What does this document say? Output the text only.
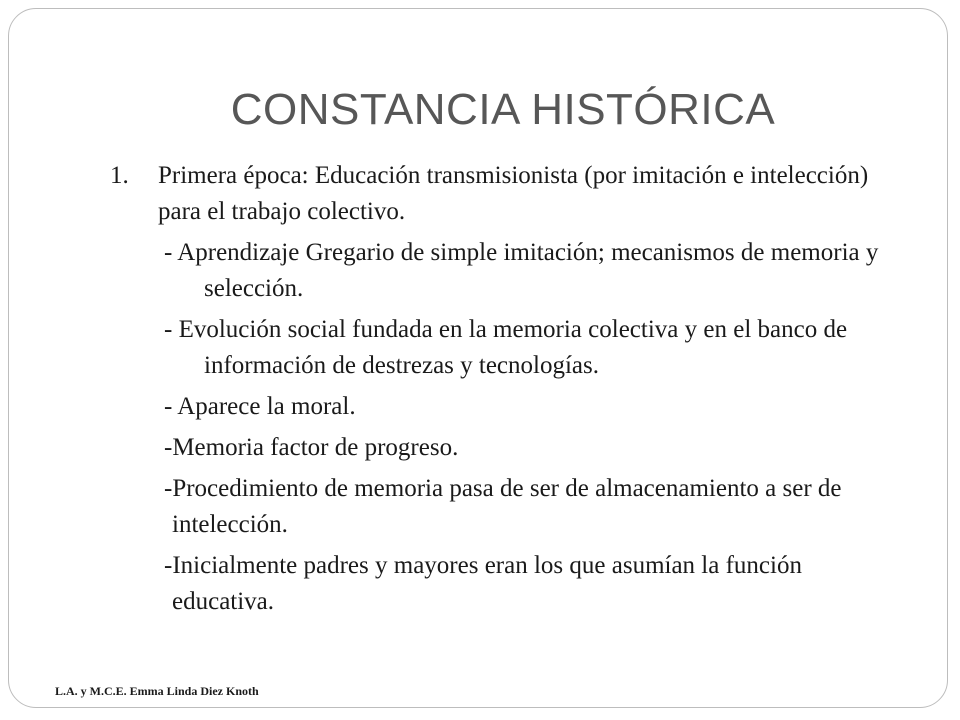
CONSTANCIA HISTÓRICA

1. Primera época: Educación transmisionista (por imitación e intelección) para el trabajo colectivo.

- Aprendizaje Gregario de simple imitación; mecanismos de memoria y selección.

- Evolución social fundada en la memoria colectiva y en el banco de información de destrezas y tecnologías.

- Aparece la moral.

-Memoria factor de progreso.

-Procedimiento de memoria pasa de ser de almacenamiento a ser de intelección.

-Inicialmente padres y mayores eran los que asumían la función educativa.

L.A. y M.C.E. Emma Linda Diez Knoth
